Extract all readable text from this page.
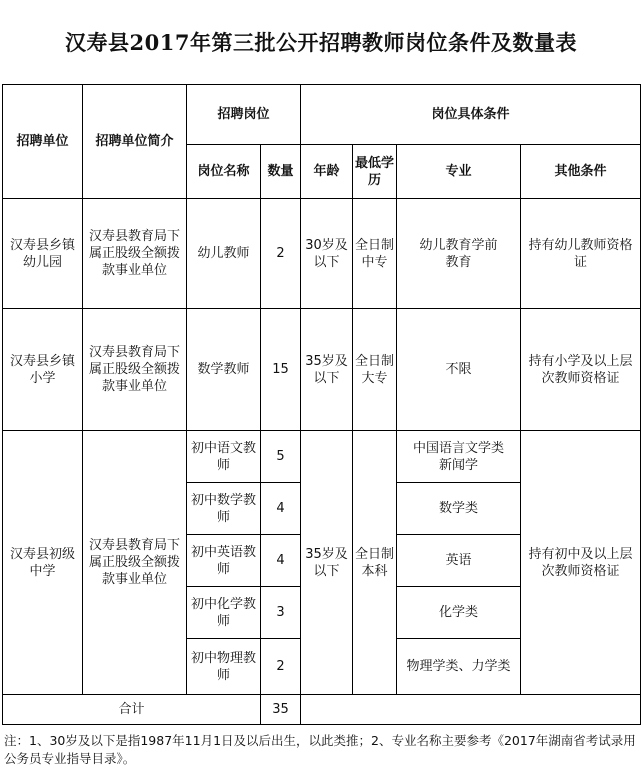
汉寿县2017年第三批公开招聘教师岗位条件及数量表
招聘单位	招聘单位简介	招聘岗位		岗位具体条件			
		岗位名称	数量	年龄	最低学历	专业	其他条件
汉寿县乡镇幼儿园	汉寿县教育局下属正股级全额拨款事业单位	幼儿教师	2	30岁及以下	全日制中专	幼儿教育学前教育	持有幼儿教师资格证
汉寿县乡镇小学	汉寿县教育局下属正股级全额拨款事业单位	数学教师	15	35岁及以下	全日制大专	不限	持有小学及以上层次教师资格证
汉寿县初级中学	汉寿县教育局下属正股级全额拨款事业单位	初中语文教师	5	35岁及以下	全日制本科	中国语言文学类新闻学	持有初中及以上层次教师资格证
		初中数学教师	4			数学类	
		初中英语教师	4			英语	
		初中化学教师	3			化学类	
		初中物理教师	2			物理学类、力学类	
合计			35				
注：1、30岁及以下是指1987年11月1日及以后出生，以此类推；2、专业名称主要参考《2017年湖南省考试录用公务员专业指导目录》。
